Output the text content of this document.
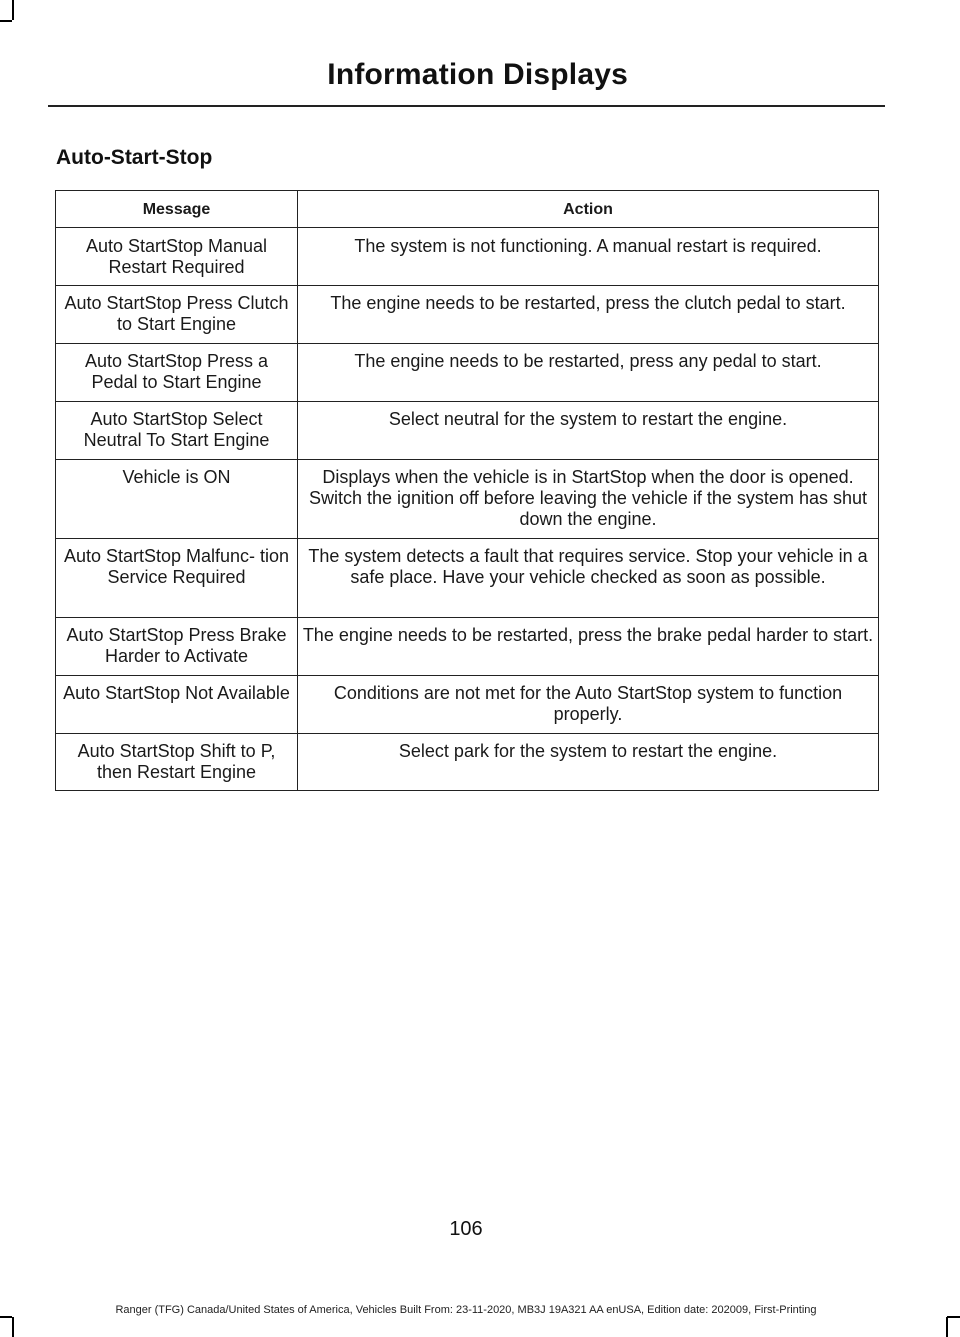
Information Displays
Auto-Start-Stop
Message	Action
Auto StartStop Manual Restart Required	The system is not functioning. A manual restart is required.
Auto StartStop Press Clutch to Start Engine	The engine needs to be restarted, press the clutch pedal to start.
Auto StartStop Press a Pedal to Start Engine	The engine needs to be restarted, press any pedal to start.
Auto StartStop Select Neutral To Start Engine	Select neutral for the system to restart the engine.
Vehicle is ON	Displays when the vehicle is in StartStop when the door is opened. Switch the ignition off before leaving the vehicle if the system has shut down the engine.
Auto StartStop Malfunc- tion Service Required	The system detects a fault that requires service. Stop your vehicle in a safe place. Have your vehicle checked as soon as possible.
Auto StartStop Press Brake Harder to Activate	The engine needs to be restarted, press the brake pedal harder to start.
Auto StartStop Not Available	Conditions are not met for the Auto StartStop system to function properly.
Auto StartStop Shift to P, then Restart Engine	Select park for the system to restart the engine.
106
Ranger (TFG) Canada/United States of America, Vehicles Built From: 23-11-2020, MB3J 19A321 AA enUSA, Edition date: 202009, First-Printing
